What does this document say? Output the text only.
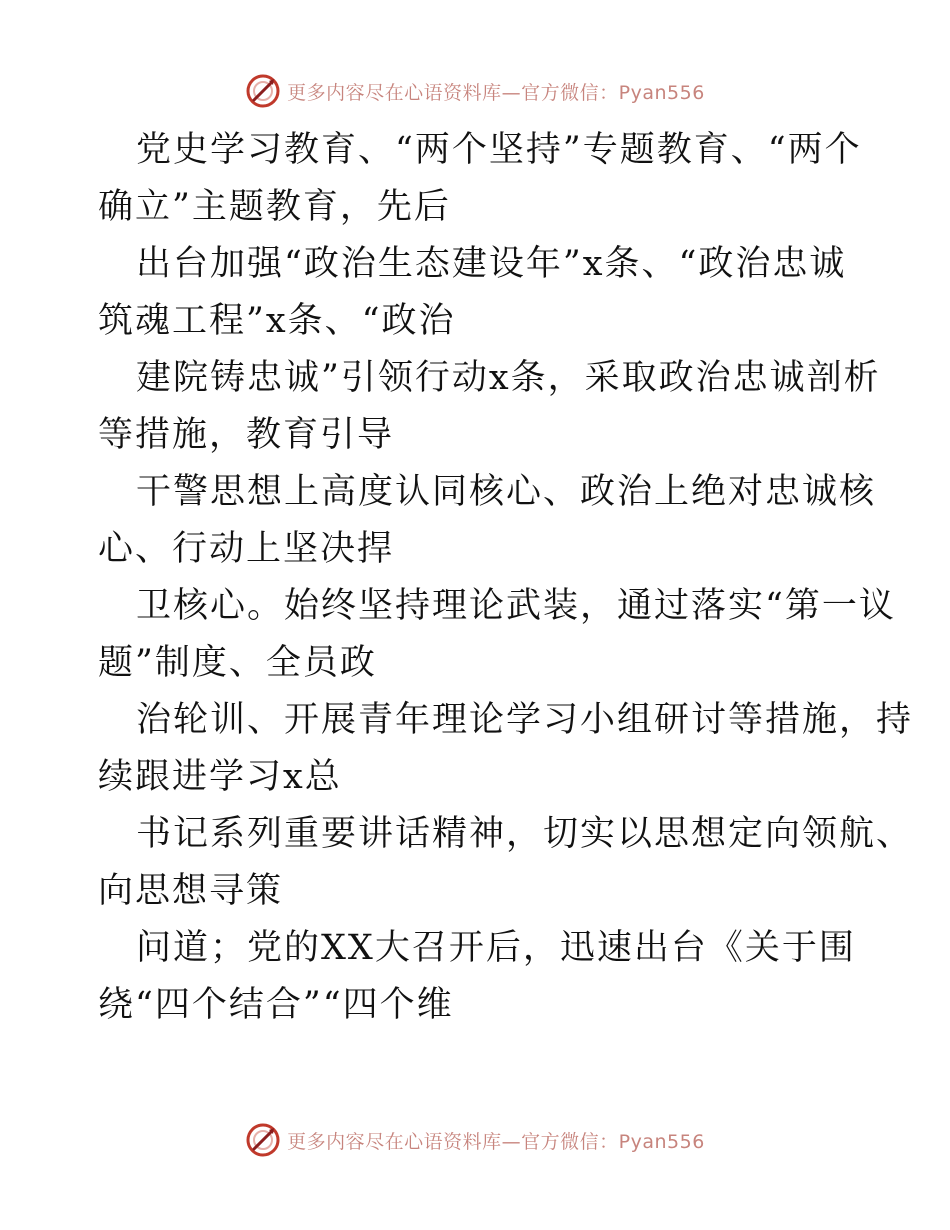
更多内容尽在心语资料库—官方微信：Pyan556

党史学习教育、“两个坚持”专题教育、“两个
确立”主题教育，先后

出台加强“政治生态建设年”x条、“政治忠诚
筑魂工程”x条、“政治

建院铸忠诚”引领行动x条，采取政治忠诚剖析
等措施，教育引导

干警思想上高度认同核心、政治上绝对忠诚核
心、行动上坚决捍

卫核心。始终坚持理论武装，通过落实“第一议
题”制度、全员政

治轮训、开展青年理论学习小组研讨等措施，持
续跟进学习x总

书记系列重要讲话精神，切实以思想定向领航、
向思想寻策

问道；党的XX大召开后，迅速出台《关于围
绕“四个结合”“四个维

更多内容尽在心语资料库—官方微信：Pyan556
